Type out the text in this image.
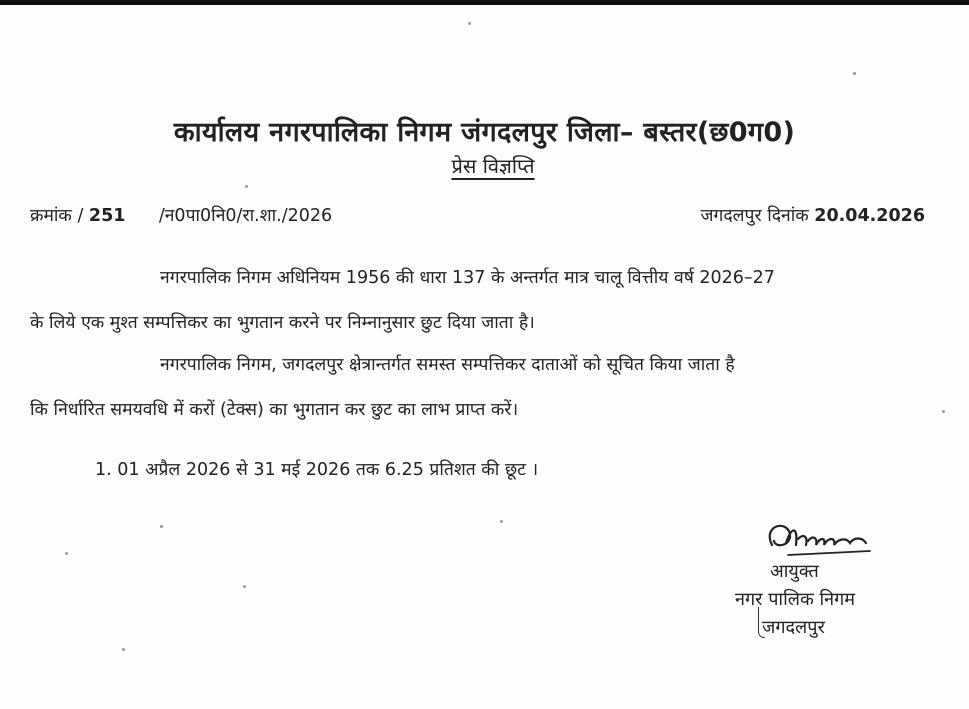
कार्यालय नगरपालिका निगम जंगदलपुर जिला– बस्तर(छ0ग0)
प्रेस विज्ञप्ति
क्रमांक / 251 /न0पा0नि0/रा.शा./2026	जगदलपुर दिनांक 20.04.2026
नगरपालिक निगम अधिनियम 1956 की धारा 137 के अन्तर्गत मात्र चालू वित्तीय वर्ष 2026–27
के लिये एक मुश्त सम्पत्तिकर का भुगतान करने पर निम्नानुसार छुट दिया जाता है।
नगरपालिक निगम, जगदलपुर क्षेत्रान्तर्गत समस्त सम्पत्तिकर दाताओं को सूचित किया जाता है
कि निर्धारित समयवधि में करों (टेक्स) का भुगतान कर छुट का लाभ प्राप्त करें।
1. 01 अप्रैल 2026 से 31 मई 2026 तक 6.25 प्रतिशत की छूट ।
आयुक्त
नगर पालिक निगम
जगदलपुर
